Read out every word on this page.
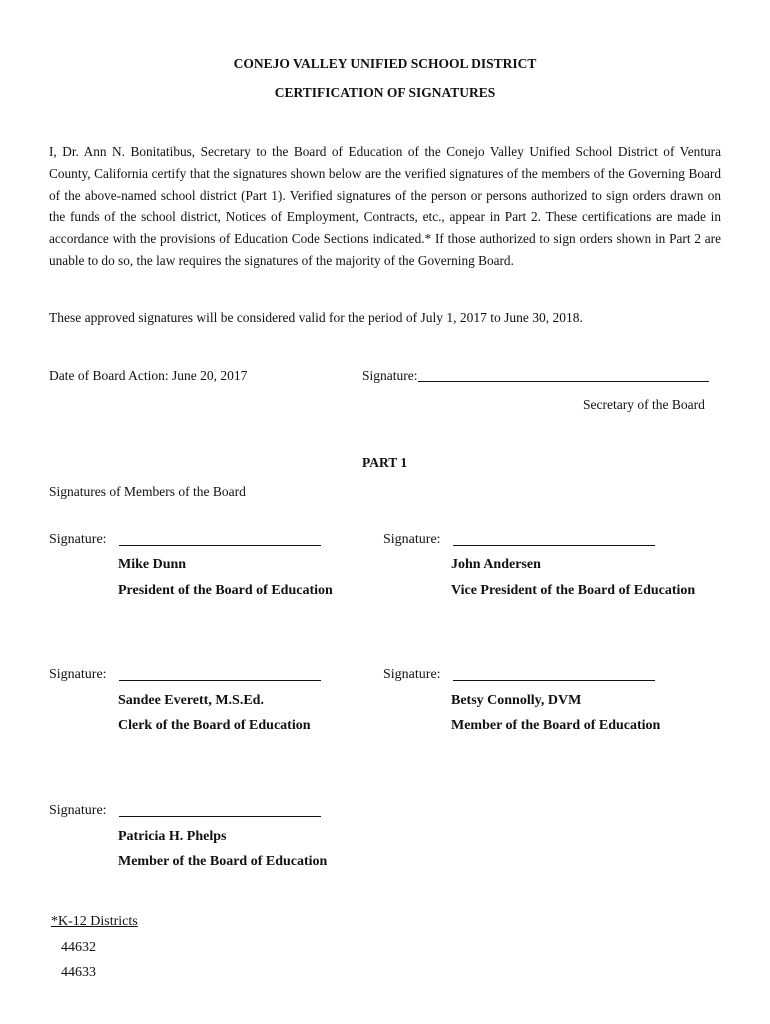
CONEJO VALLEY UNIFIED SCHOOL DISTRICT
CERTIFICATION OF SIGNATURES
I, Dr. Ann N. Bonitatibus, Secretary to the Board of Education of the Conejo Valley Unified School District of Ventura County, California certify that the signatures shown below are the verified signatures of the members of the Governing Board of the above-named school district (Part 1). Verified signatures of the person or persons authorized to sign orders drawn on the funds of the school district, Notices of Employment, Contracts, etc., appear in Part 2. These certifications are made in accordance with the provisions of Education Code Sections indicated.* If those authorized to sign orders shown in Part 2 are unable to do so, the law requires the signatures of the majority of the Governing Board.
These approved signatures will be considered valid for the period of July 1, 2017 to June 30, 2018.
Date of Board Action: June 20, 2017	Signature:
Secretary of the Board
PART 1
Signatures of Members of the Board
Signature:
Mike Dunn
President of the Board of Education
Signature:
John Andersen
Vice President of the Board of Education
Signature:
Sandee Everett, M.S.Ed.
Clerk of the Board of Education
Signature:
Betsy Connolly, DVM
Member of the Board of Education
Signature:
Patricia H. Phelps
Member of the Board of Education
*K-12 Districts
44632
44633
